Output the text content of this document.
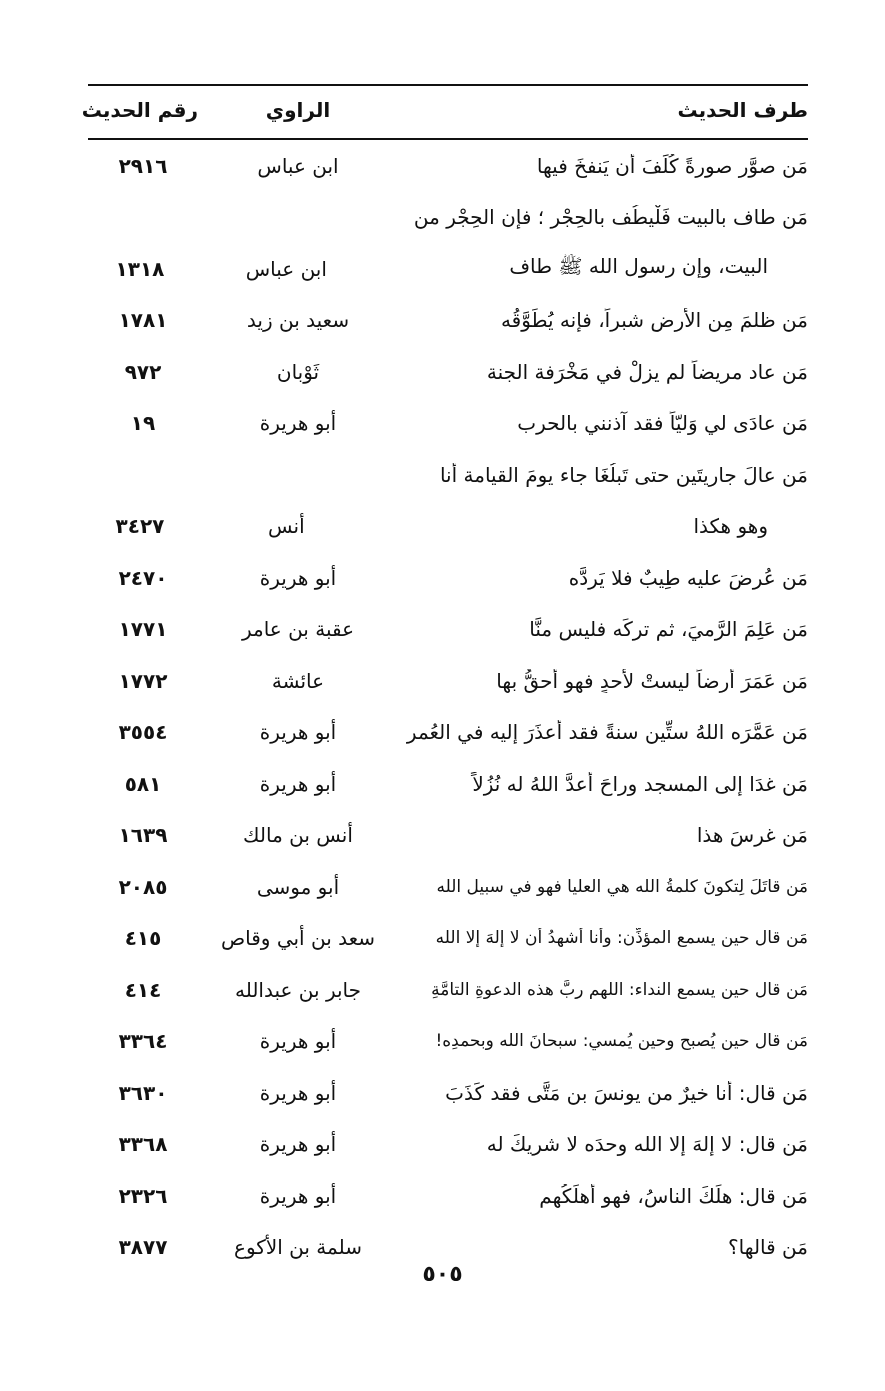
طرف الحديث
الراوي
رقم الحديث
مَن صوَّر صورةً كُلِّفَ أن يَنفخَ فيها
ابن عباس
٢٩١٦
مَن طاف بالبيت فَلْيطُف بالحِجْر ؛ فإن الحِجْر من
البيت، وإن رسول الله ﷺ طاف
ابن عباس
١٣١٨
مَن ظلمَ مِن الأرضِ شبراً، فإنه يُطَوَّقُه
سعيد بن زيد
١٧٨١
مَن عاد مريضاً لم يزلْ في مَخْرَفة الجنة
ثَوْبان
٩٧٢
مَن عادَى لي وَليّاً فقد آذنني بالحرب
أبو هريرة
١٩
مَن عالَ جاريتَين حتى تَبلُغَا جاء يومَ القيامة أنا
وهو هكذا
أنس
٣٤٢٧
مَن عُرِضَ عليه طِيبٌ فلا يَردَّه
أبو هريرة
٢٤٧٠
مَن عَلِمَ الرَّميَ، ثم تركَه فليس منَّا
عقبة بن عامر
١٧٧١
مَن عَمَرَ أرضاً ليستْ لأحدٍ فهو أحقُّ بها
عائشة
١٧٧٢
مَن عَمَّرَه اللهُ ستِّين سنةً فقد أعذَرَ إليه في العُمر
أبو هريرة
٣٥٥٤
مَن غدَا إلى المسجد وراحَ أعدَّ اللهُ له نُزُلاً
أبو هريرة
٥٨١
مَن غرسَ هذا
أنس بن مالك
١٦٣٩
مَن قاتَلَ لِتكونَ كلمةُ الله هي العليا فهو في سبيل الله
أبو موسى
٢٠٨٥
مَن قال حين يسمع المؤذِّن: وأنا أشهدُ أن لا إلهَ إلا الله
سعد بن أبي وقاص
٤١٥
مَن قال حين يسمع النداء: اللهم ربَّ هذه الدعوةِ التامَّةِ
جابر بن عبدالله
٤١٤
مَن قال حين يُصبح وحين يُمسي: سبحانَ الله وبحمدِه!
أبو هريرة
٣٣٦٤
مَن قال: أنا خيرٌ من يونسَ بنِ مَتَّى فقد كَذَبَ
أبو هريرة
٣٦٣٠
مَن قال: لا إلهَ إلا الله وحدَه لا شريكَ له
أبو هريرة
٣٣٦٨
مَن قال: هلَكَ الناسُ، فهو أهلَكُهم
أبو هريرة
٢٣٢٦
مَن قالها؟
سلمة بن الأكوع
٣٨٧٧
٥٠٥
